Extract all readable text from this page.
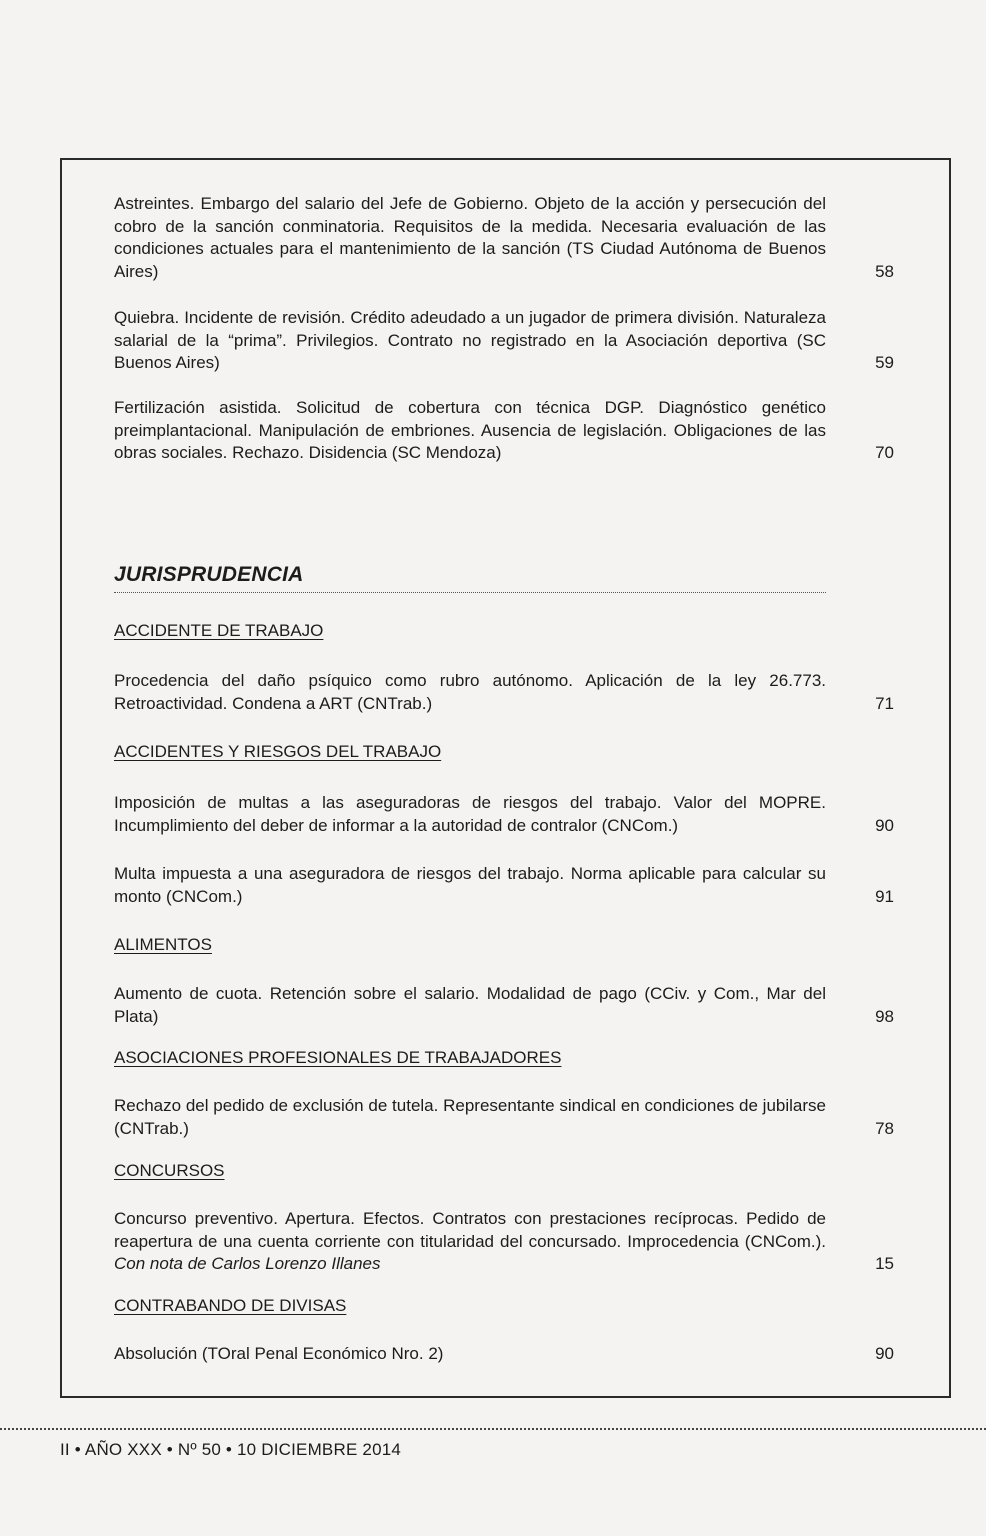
Astreintes. Embargo del salario del Jefe de Gobierno. Objeto de la acción y persecución del cobro de la sanción conminatoria. Requisitos de la medida. Necesaria evaluación de las condiciones actuales para el mantenimiento de la sanción (TS Ciudad Autónoma de Buenos Aires)	58
Quiebra. Incidente de revisión. Crédito adeudado a un jugador de primera división. Naturaleza salarial de la “prima”. Privilegios. Contrato no registrado en la Asociación deportiva (SC Buenos Aires)	59
Fertilización asistida. Solicitud de cobertura con técnica DGP. Diagnóstico genético preimplantacional. Manipulación de embriones. Ausencia de legislación. Obligaciones de las obras sociales. Rechazo. Disidencia (SC Mendoza)	70
JURISPRUDENCIA
ACCIDENTE DE TRABAJO
Procedencia del daño psíquico como rubro autónomo. Aplicación de la ley 26.773. Retroactividad. Condena a ART (CNTrab.)	71
ACCIDENTES Y RIESGOS DEL TRABAJO
Imposición de multas a las aseguradoras de riesgos del trabajo. Valor del MOPRE. Incumplimiento del deber de informar a la autoridad de contralor (CNCom.)	90
Multa impuesta a una aseguradora de riesgos del trabajo. Norma aplicable para calcular su monto (CNCom.)	91
ALIMENTOS
Aumento de cuota. Retención sobre el salario. Modalidad de pago (CCiv. y Com., Mar del Plata)	98
ASOCIACIONES PROFESIONALES DE TRABAJADORES
Rechazo del pedido de exclusión de tutela. Representante sindical en condiciones de jubilarse (CNTrab.)	78
CONCURSOS
Concurso preventivo. Apertura. Efectos. Contratos con prestaciones recíprocas. Pedido de reapertura de una cuenta corriente con titularidad del concursado. Improcedencia (CNCom.). Con nota de Carlos Lorenzo Illanes	15
CONTRABANDO DE DIVISAS
Absolución (TOral Penal Económico Nro. 2)	90
II • AÑO XXX • Nº 50 • 10 DICIEMBRE 2014
